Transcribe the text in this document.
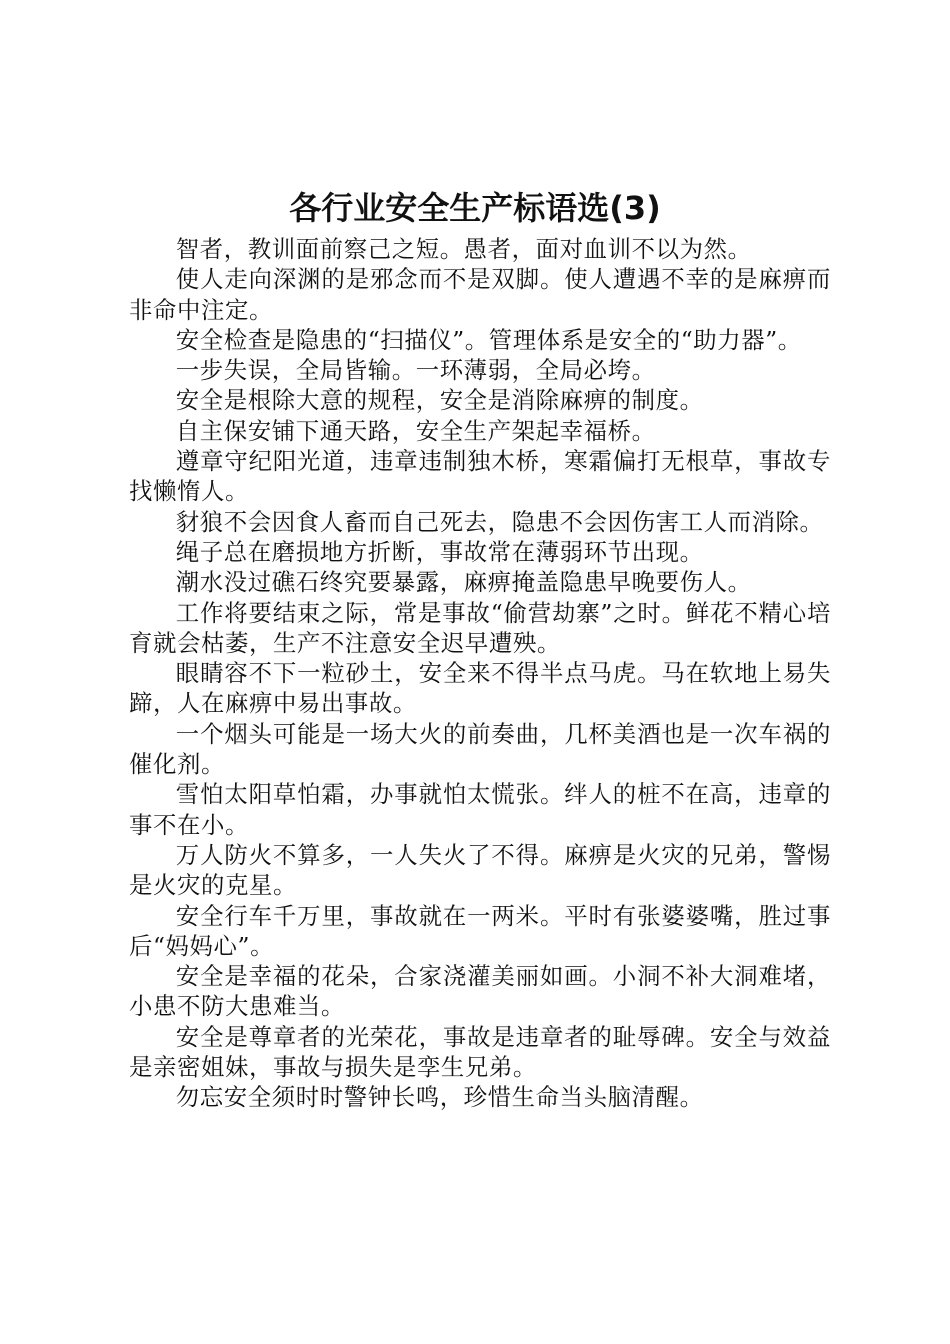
各行业安全生产标语选(3)

智者，教训面前察己之短。愚者，面对血训不以为然。

使人走向深渊的是邪念而不是双脚。使人遭遇不幸的是麻痹而非命中注定。

安全检查是隐患的“扫描仪”。管理体系是安全的“助力器”。

一步失误，全局皆输。一环薄弱，全局必垮。

安全是根除大意的规程，安全是消除麻痹的制度。

自主保安铺下通天路，安全生产架起幸福桥。

遵章守纪阳光道，违章违制独木桥，寒霜偏打无根草，事故专找懒惰人。

豺狼不会因食人畜而自己死去，隐患不会因伤害工人而消除。

绳子总在磨损地方折断，事故常在薄弱环节出现。

潮水没过礁石终究要暴露，麻痹掩盖隐患早晚要伤人。

工作将要结束之际，常是事故“偷营劫寨”之时。鲜花不精心培育就会枯萎，生产不注意安全迟早遭殃。

眼睛容不下一粒砂土，安全来不得半点马虎。马在软地上易失蹄，人在麻痹中易出事故。

一个烟头可能是一场大火的前奏曲，几杯美酒也是一次车祸的催化剂。

雪怕太阳草怕霜，办事就怕太慌张。绊人的桩不在高，违章的事不在小。

万人防火不算多，一人失火了不得。麻痹是火灾的兄弟，警惕是火灾的克星。

安全行车千万里，事故就在一两米。平时有张婆婆嘴，胜过事后“妈妈心”。

安全是幸福的花朵，合家浇灌美丽如画。小洞不补大洞难堵，小患不防大患难当。

安全是尊章者的光荣花，事故是违章者的耻辱碑。安全与效益是亲密姐妹，事故与损失是孪生兄弟。

勿忘安全须时时警钟长鸣，珍惜生命当头脑清醒。
